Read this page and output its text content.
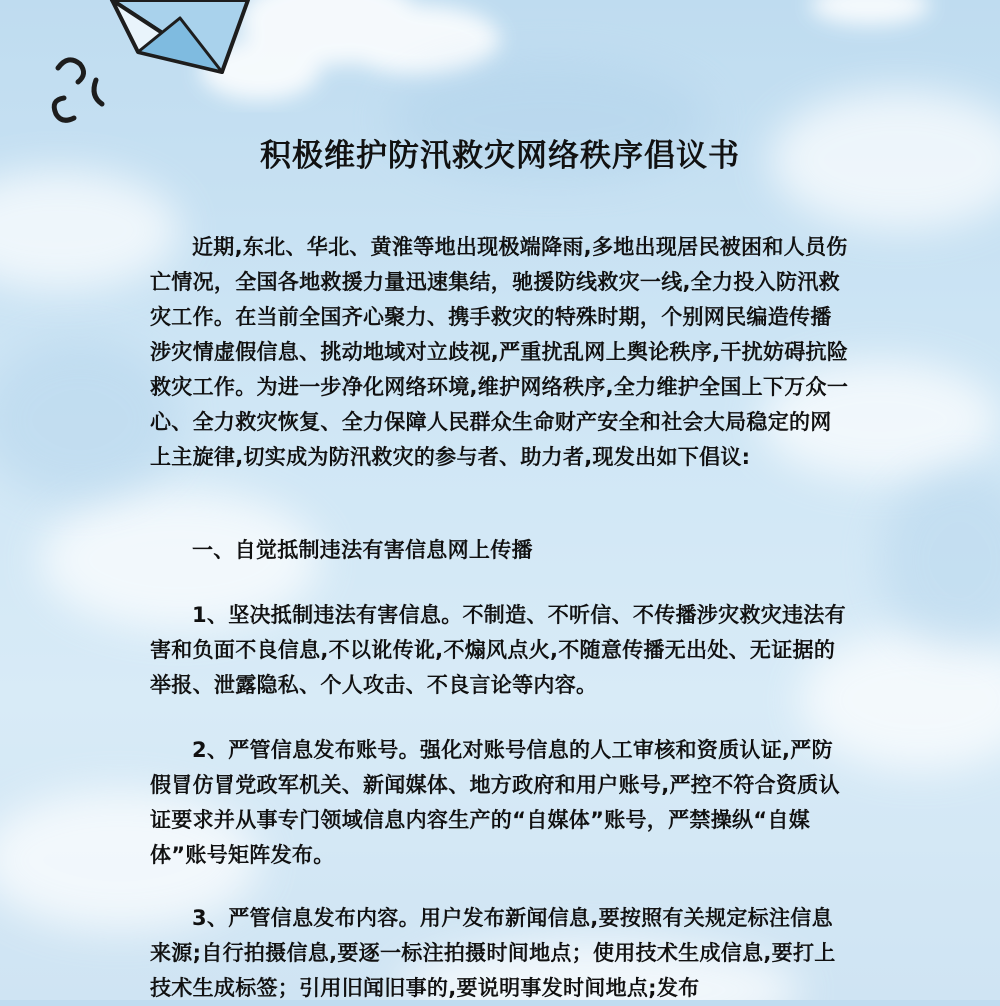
积极维护防汛救灾网络秩序倡议书

近期,东北、华北、黄淮等地出现极端降雨,多地出现居民被困和人员伤亡情况，全国各地救援力量迅速集结，驰援防线救灾一线,全力投入防汛救灾工作。在当前全国齐心聚力、携手救灾的特殊时期，个别网民编造传播涉灾情虚假信息、挑动地域对立歧视,严重扰乱网上舆论秩序,干扰妨碍抗险救灾工作。为进一步净化网络环境,维护网络秩序,全力维护全国上下万众一心、全力救灾恢复、全力保障人民群众生命财产安全和社会大局稳定的网上主旋律,切实成为防汛救灾的参与者、助力者,现发出如下倡议:

一、自觉抵制违法有害信息网上传播

1、坚决抵制违法有害信息。不制造、不听信、不传播涉灾救灾违法有害和负面不良信息,不以讹传讹,不煽风点火,不随意传播无出处、无证据的举报、泄露隐私、个人攻击、不良言论等内容。

2、严管信息发布账号。强化对账号信息的人工审核和资质认证,严防假冒仿冒党政军机关、新闻媒体、地方政府和用户账号,严控不符合资质认证要求并从事专门领域信息内容生产的“自媒体”账号，严禁操纵“自媒体”账号矩阵发布。

3、严管信息发布内容。用户发布新闻信息,要按照有关规定标注信息来源;自行拍摄信息,要逐一标注拍摄时间地点；使用技术生成信息,要打上技术生成标签；引用旧闻旧事的,要说明事发时间地点;发布
